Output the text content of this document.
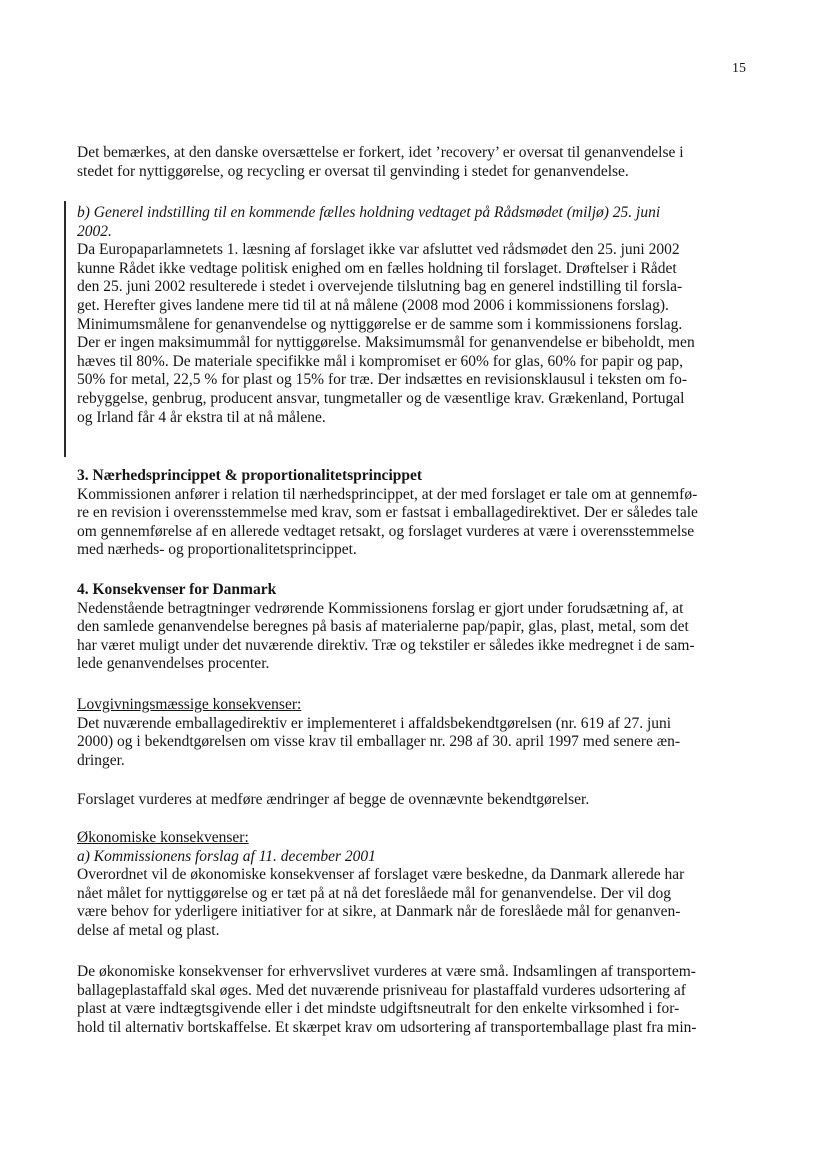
15
Det bemærkes, at den danske oversættelse er forkert, idet ’recovery’ er oversat til genanvendelse i
stedet for nyttiggørelse, og recycling er oversat til genvinding i stedet for genanvendelse.
b) Generel indstilling til en kommende fælles holdning vedtaget på Rådsmødet (miljø) 25. juni
2002.
Da Europaparlamnetets 1. læsning af forslaget ikke var afsluttet ved rådsmødet den 25. juni 2002
kunne Rådet ikke vedtage politisk enighed om en fælles holdning til forslaget. Drøftelser i Rådet
den 25. juni 2002 resulterede i stedet i overvejende tilslutning bag en generel indstilling til forsla-
get. Herefter gives landene mere tid til at nå målene (2008 mod 2006 i kommissionens forslag).
Minimumsmålene for genanvendelse og nyttiggørelse er de samme som i kommissionens forslag.
Der er ingen maksimummål for nyttiggørelse. Maksimumsmål for genanvendelse er bibeholdt, men
hæves til 80%. De materiale specifikke mål i kompromiset er 60% for glas, 60% for papir og pap,
50% for metal, 22,5 % for plast og 15% for træ. Der indsættes en revisionsklausul i teksten om fo-
rebyggelse, genbrug, producent ansvar, tungmetaller og de væsentlige krav. Grækenland, Portugal
og Irland får 4 år ekstra til at nå målene.
3. Nærhedsprincippet & proportionalitetsprincippet
Kommissionen anfører i relation til nærhedsprincippet, at der med forslaget er tale om at gennemfø-
re en revision i overensstemmelse med krav, som er fastsat i emballagedirektivet. Der er således tale
om gennemførelse af en allerede vedtaget retsakt, og forslaget vurderes at være i overensstemmelse
med nærheds- og proportionalitetsprincippet.
4. Konsekvenser for Danmark
Nedenstående betragtninger vedrørende Kommissionens forslag er gjort under forudsætning af, at
den samlede genanvendelse beregnes på basis af materialerne pap/papir, glas, plast, metal, som det
har været muligt under det nuværende direktiv. Træ og tekstiler er således ikke medregnet i de sam-
lede genanvendelses procenter.
Lovgivningsmæssige konsekvenser:
Det nuværende emballagedirektiv er implementeret i affaldsbekendtgørelsen (nr. 619 af 27. juni
2000) og i bekendtgørelsen om visse krav til emballager nr. 298 af 30. april 1997 med senere æn-
dringer.
Forslaget vurderes at medføre ændringer af begge de ovennævnte bekendtgørelser.
Økonomiske konsekvenser:
a) Kommissionens forslag af 11. december 2001
Overordnet vil de økonomiske konsekvenser af forslaget være beskedne, da Danmark allerede har
nået målet for nyttiggørelse og er tæt på at nå det foreslåede mål for genanvendelse. Der vil dog
være behov for yderligere initiativer for at sikre, at Danmark når de foreslåede mål for genanven-
delse af metal og plast.
De økonomiske konsekvenser for erhvervslivet vurderes at være små. Indsamlingen af transportem-
ballageplastaffald skal øges. Med det nuværende prisniveau for plastaffald vurderes udsortering af
plast at være indtægtsgivende eller i det mindste udgiftsneutralt for den enkelte virksomhed i for-
hold til alternativ bortskaffelse. Et skærpet krav om udsortering af transportemballage plast fra min-
